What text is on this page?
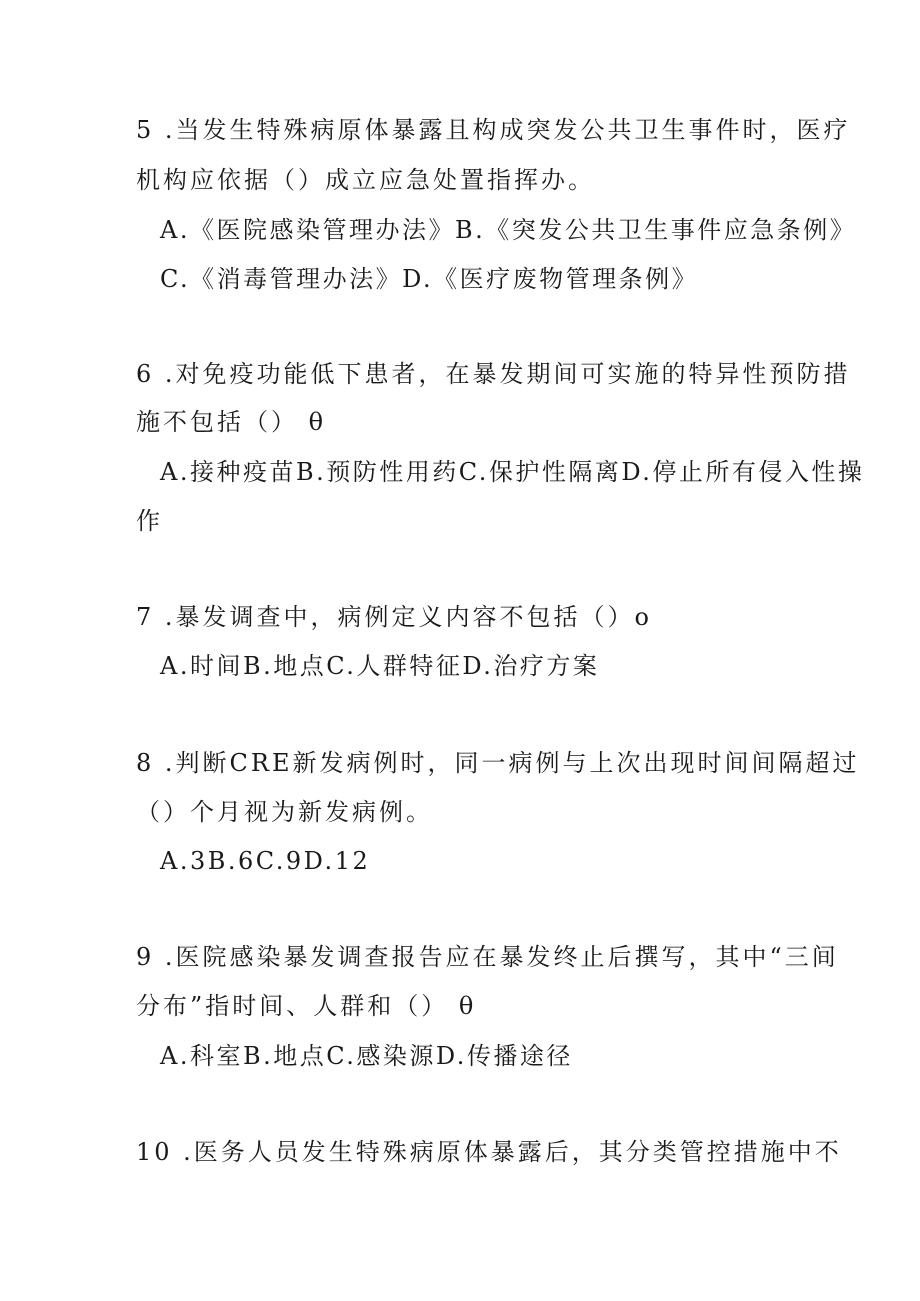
5 .当发生特殊病原体暴露且构成突发公共卫生事件时，医疗
机构应依据（）成立应急处置指挥办。
A.《医院感染管理办法》B.《突发公共卫生事件应急条例》
C.《消毒管理办法》D.《医疗废物管理条例》
6 .对免疫功能低下患者，在暴发期间可实施的特异性预防措
施不包括（） θ
A.接种疫苗B.预防性用药C.保护性隔离D.停止所有侵入性操
作
7 .暴发调查中，病例定义内容不包括（）o
A.时间B.地点C.人群特征D.治疗方案
8 .判断CRE新发病例时，同一病例与上次出现时间间隔超过
（）个月视为新发病例。
A.3B.6C.9D.12
9 .医院感染暴发调查报告应在暴发终止后撰写，其中“三间
分布”指时间、人群和（） θ
A.科室B.地点C.感染源D.传播途径
10 .医务人员发生特殊病原体暴露后，其分类管控措施中不
